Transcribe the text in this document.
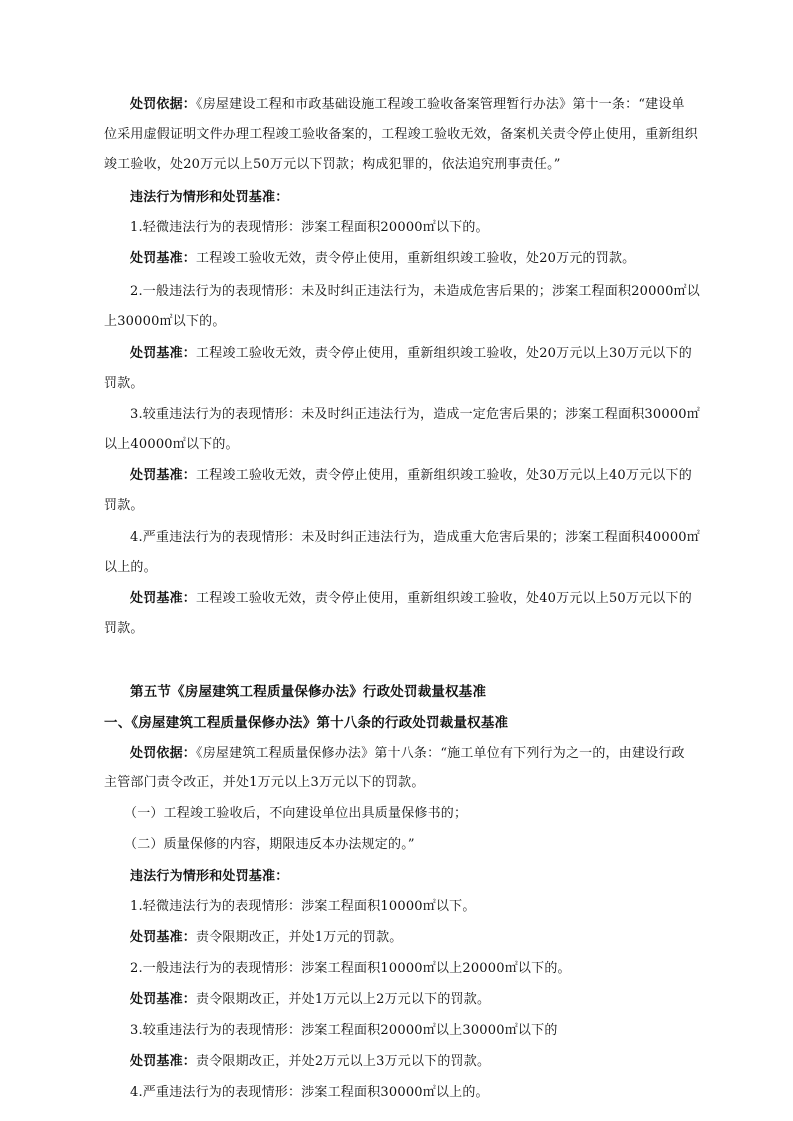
处罚依据：《房屋建设工程和市政基础设施工程竣工验收备案管理暂行办法》第十一条：“建设单
位采用虚假证明文件办理工程竣工验收备案的，工程竣工验收无效，备案机关责令停止使用，重新组织
竣工验收，处20万元以上50万元以下罚款；构成犯罪的，依法追究刑事责任。”
违法行为情形和处罚基准：
1.轻微违法行为的表现情形：涉案工程面积20000㎡以下的。
处罚基准：工程竣工验收无效，责令停止使用，重新组织竣工验收，处20万元的罚款。
2.一般违法行为的表现情形：未及时纠正违法行为，未造成危害后果的；涉案工程面积20000㎡以
上30000㎡以下的。
处罚基准：工程竣工验收无效，责令停止使用，重新组织竣工验收，处20万元以上30万元以下的
罚款。
3.较重违法行为的表现情形：未及时纠正违法行为，造成一定危害后果的；涉案工程面积30000㎡
以上40000㎡以下的。
处罚基准：工程竣工验收无效，责令停止使用，重新组织竣工验收，处30万元以上40万元以下的
罚款。
4.严重违法行为的表现情形：未及时纠正违法行为，造成重大危害后果的；涉案工程面积40000㎡
以上的。
处罚基准：工程竣工验收无效，责令停止使用，重新组织竣工验收，处40万元以上50万元以下的
罚款。
第五节《房屋建筑工程质量保修办法》行政处罚裁量权基准
一、《房屋建筑工程质量保修办法》第十八条的行政处罚裁量权基准
处罚依据：《房屋建筑工程质量保修办法》第十八条：“施工单位有下列行为之一的，由建设行政
主管部门责令改正，并处1万元以上3万元以下的罚款。
（一）工程竣工验收后，不向建设单位出具质量保修书的；
（二）质量保修的内容，期限违反本办法规定的。”
违法行为情形和处罚基准：
1.轻微违法行为的表现情形：涉案工程面积10000㎡以下。
处罚基准：责令限期改正，并处1万元的罚款。
2.一般违法行为的表现情形：涉案工程面积10000㎡以上20000㎡以下的。
处罚基准：责令限期改正，并处1万元以上2万元以下的罚款。
3.较重违法行为的表现情形：涉案工程面积20000㎡以上30000㎡以下的
处罚基准：责令限期改正，并处2万元以上3万元以下的罚款。
4.严重违法行为的表现情形：涉案工程面积30000㎡以上的。
